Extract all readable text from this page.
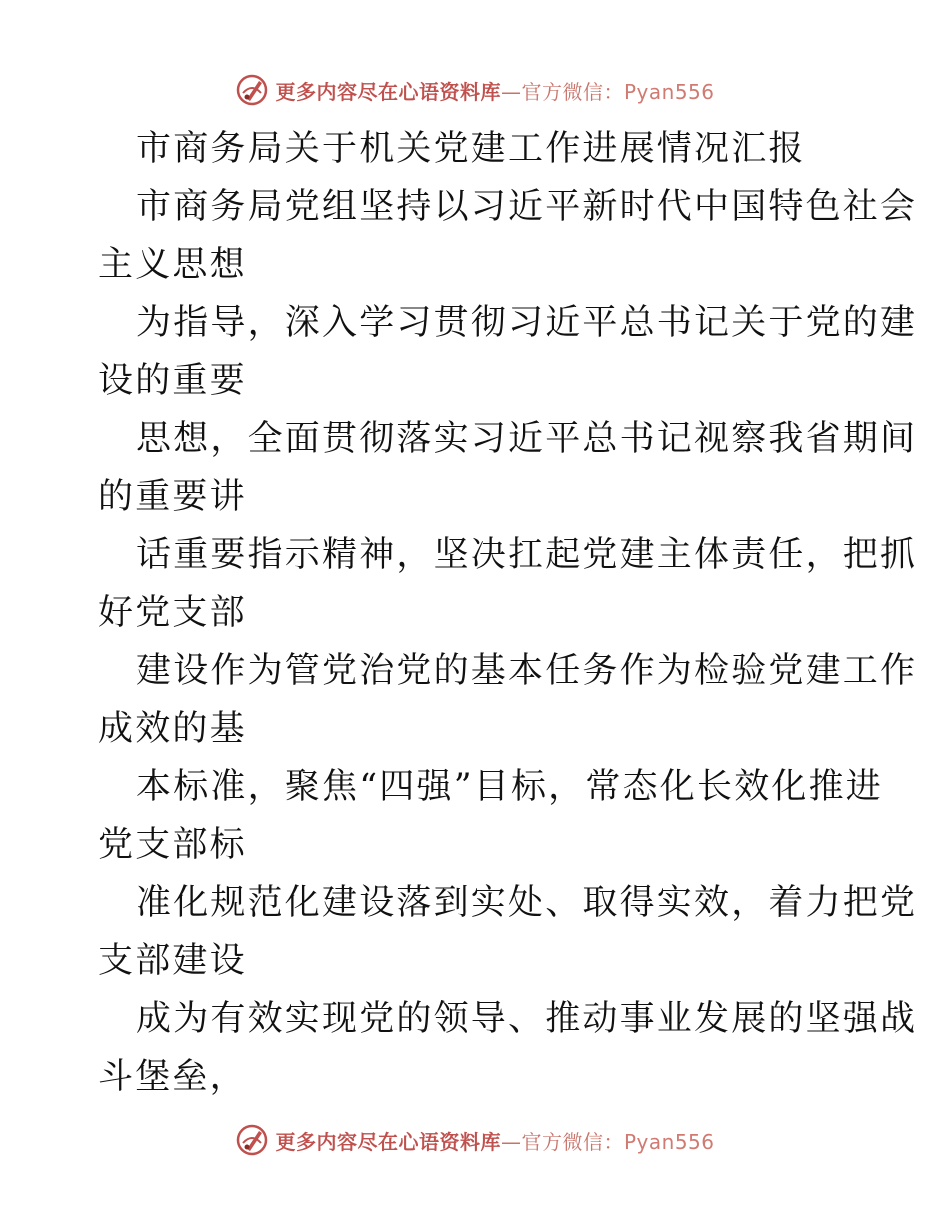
更多内容尽在心语资料库—官方微信：Pyan556
市商务局关于机关党建工作进展情况汇报
市商务局党组坚持以习近平新时代中国特色社会
主义思想
为指导，深入学习贯彻习近平总书记关于党的建
设的重要
思想，全面贯彻落实习近平总书记视察我省期间
的重要讲
话重要指示精神，坚决扛起党建主体责任，把抓
好党支部
建设作为管党治党的基本任务作为检验党建工作
成效的基
本标准，聚焦“四强”目标，常态化长效化推进
党支部标
准化规范化建设落到实处、取得实效，着力把党
支部建设
成为有效实现党的领导、推动事业发展的坚强战
斗堡垒，
更多内容尽在心语资料库—官方微信：Pyan556
